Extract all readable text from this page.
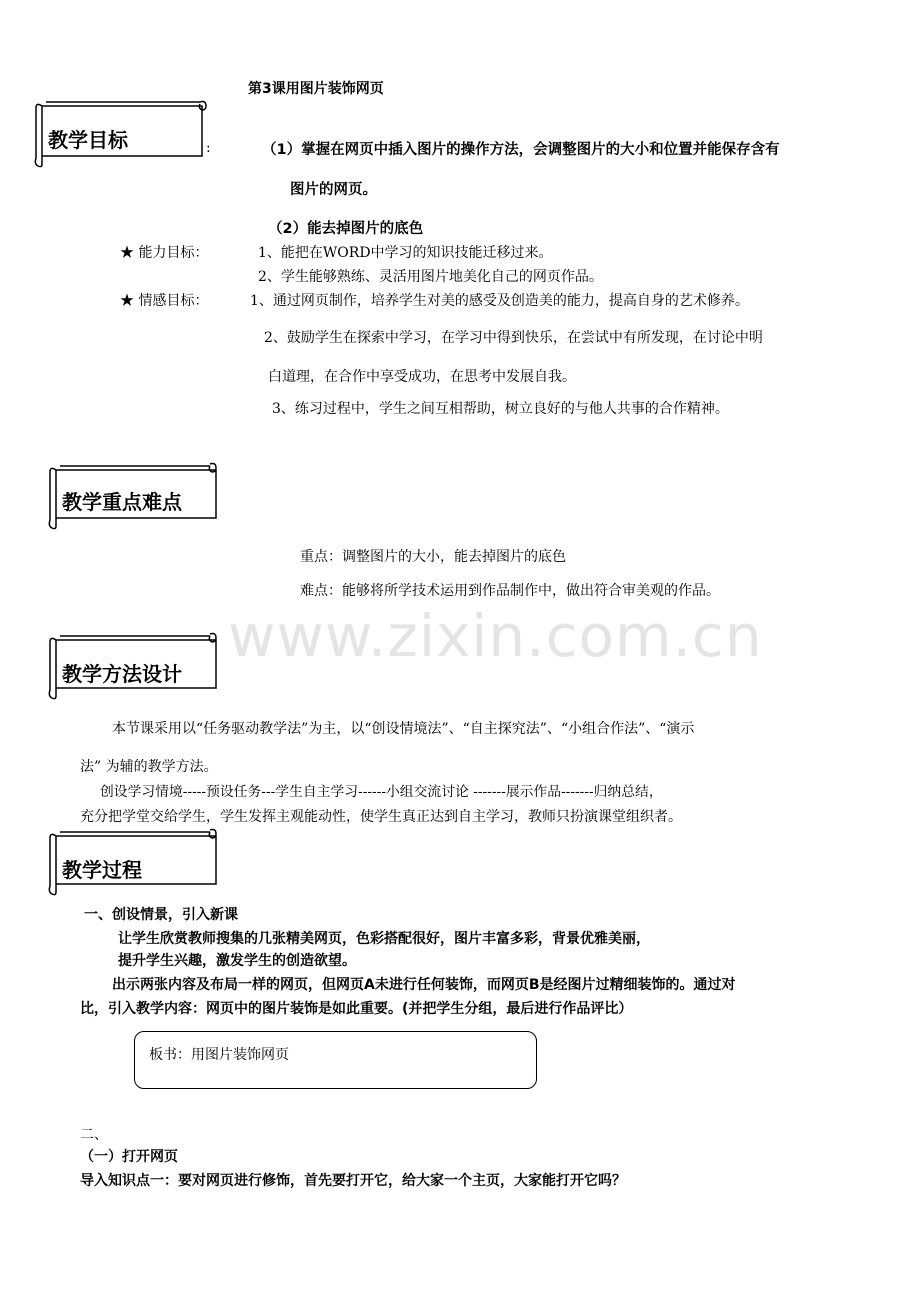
www.zixin.com.cn
第3课用图片装饰网页
教学目标	:	（1）掌握在网页中插入图片的操作方法，会调整图片的大小和位置并能保存含有
图片的网页。
（2）能去掉图片的底色
★ 能力目标：	1、能把在WORD中学习的知识技能迁移过来。
2、学生能够熟练、灵活用图片地美化自己的网页作品。
★ 情感目标：	1、通过网页制作，培养学生对美的感受及创造美的能力，提高自身的艺术修养。
2、鼓励学生在探索中学习，在学习中得到快乐，在尝试中有所发现，在讨论中明
白道理，在合作中享受成功，在思考中发展自我。
3、练习过程中，学生之间互相帮助，树立良好的与他人共事的合作精神。
教学重点难点
重点：调整图片的大小，能去掉图片的底色
难点：能够将所学技术运用到作品制作中，做出符合审美观的作品。
教学方法设计
本节课采用以“任务驱动教学法”为主，以“创设情境法”、“自主探究法”、“小组合作法”、“演示
法” 为辅的教学方法。
创设学习情境-----预设任务---学生自主学习------小组交流讨论 -------展示作品-------归纳总结，
充分把学堂交给学生，学生发挥主观能动性，使学生真正达到自主学习，教师只扮演课堂组织者。
教学过程
一、创设情景，引入新课
让学生欣赏教师搜集的几张精美网页，色彩搭配很好，图片丰富多彩，背景优雅美丽，
提升学生兴趣，激发学生的创造欲望。
出示两张内容及布局一样的网页，但网页A未进行任何装饰，而网页B是经图片过精细装饰的。通过对
比，引入教学内容：网页中的图片装饰是如此重要。(并把学生分组，最后进行作品评比）
板书：用图片装饰网页
二、
（一）打开网页
导入知识点一：要对网页进行修饰，首先要打开它，给大家一个主页，大家能打开它吗？
